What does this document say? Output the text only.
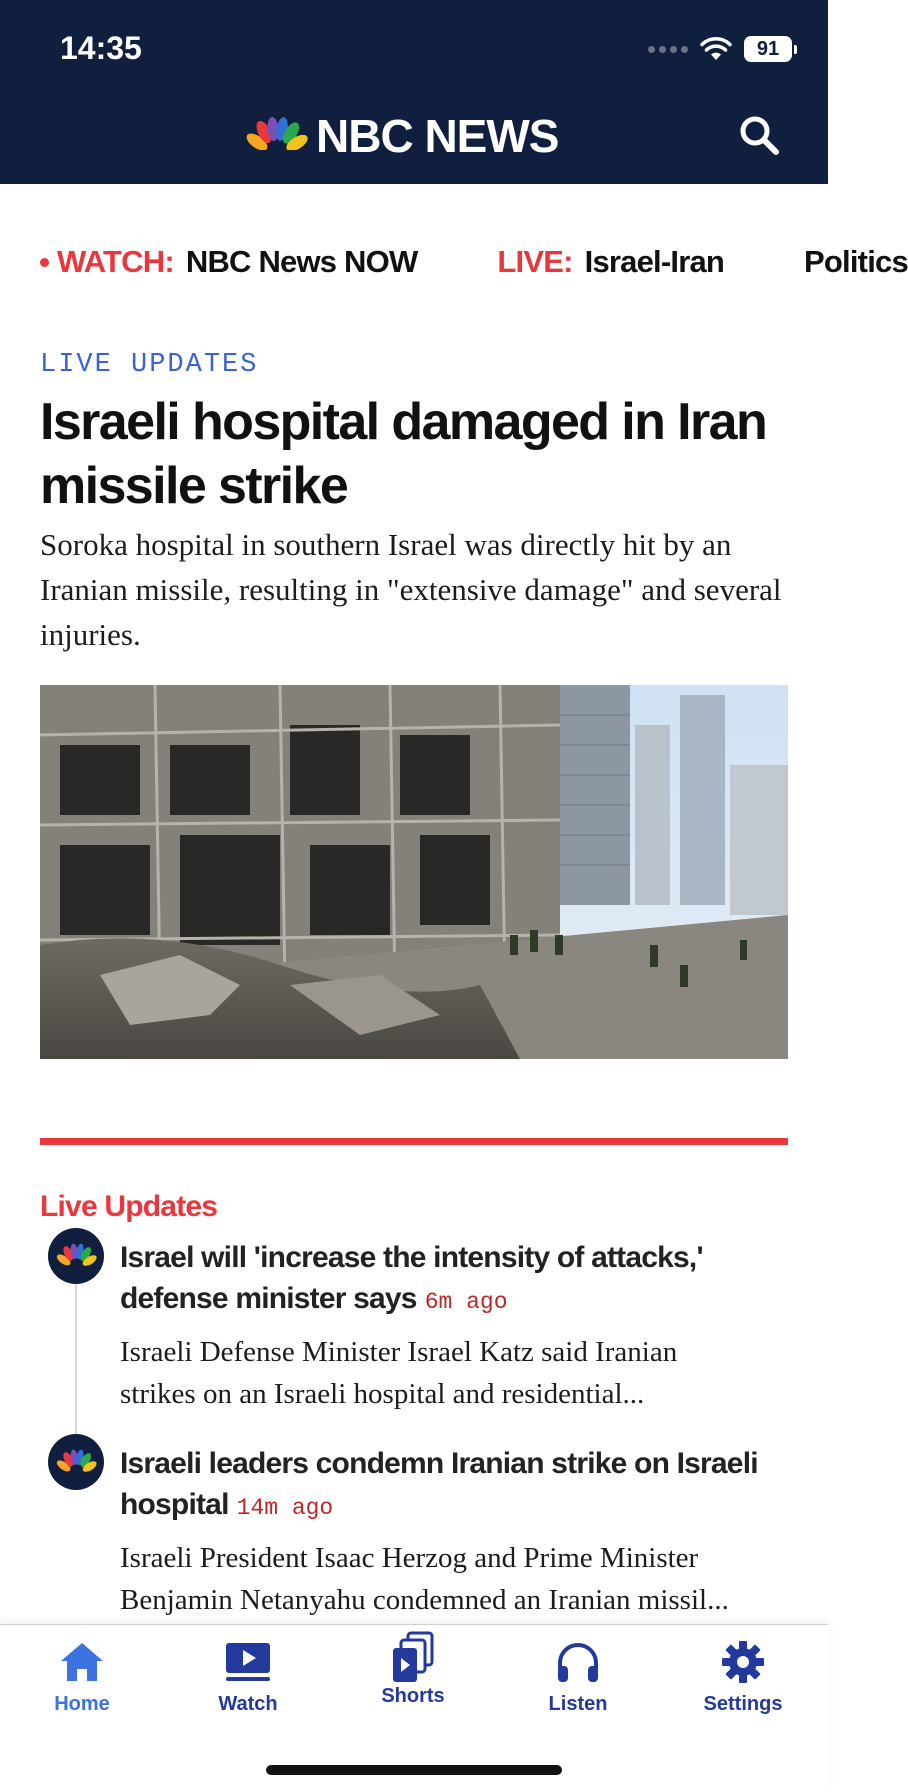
14:35	91
NBC NEWS
WATCH: NBC News NOW	LIVE: Israel-Iran	Politics
LIVE UPDATES
Israeli hospital damaged in Iran missile strike
Soroka hospital in southern Israel was directly hit by an Iranian missile, resulting in "extensive damage" and several injuries.
Live Updates
Israel will 'increase the intensity of attacks,' defense minister says 6m ago
Israeli Defense Minister Israel Katz said Iranian
strikes on an Israeli hospital and residential...
Israeli leaders condemn Iranian strike on Israeli hospital 14m ago
Israeli President Isaac Herzog and Prime Minister
Benjamin Netanyahu condemned an Iranian missil...
Home	Watch	Shorts	Listen	Settings
